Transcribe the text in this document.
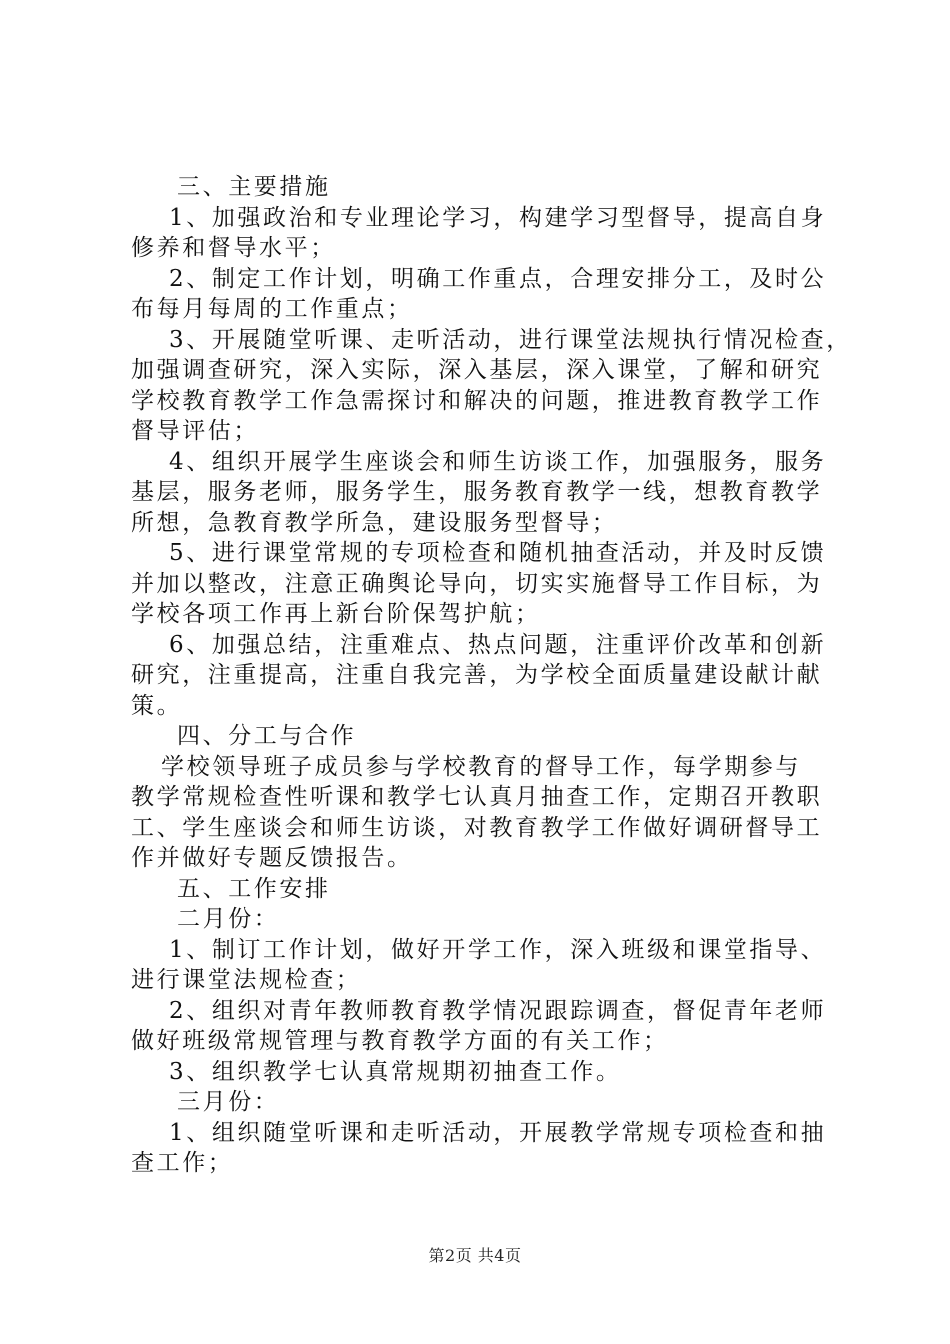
三、主要措施
1、加强政治和专业理论学习，构建学习型督导，提高自身
修养和督导水平；
2、制定工作计划，明确工作重点，合理安排分工，及时公
布每月每周的工作重点；
3、开展随堂听课、走听活动，进行课堂法规执行情况检查，
加强调查研究，深入实际，深入基层，深入课堂，了解和研究
学校教育教学工作急需探讨和解决的问题，推进教育教学工作
督导评估；
4、组织开展学生座谈会和师生访谈工作，加强服务，服务
基层，服务老师，服务学生，服务教育教学一线，想教育教学
所想，急教育教学所急，建设服务型督导；
5、进行课堂常规的专项检查和随机抽查活动，并及时反馈
并加以整改，注意正确舆论导向，切实实施督导工作目标，为
学校各项工作再上新台阶保驾护航；
6、加强总结，注重难点、热点问题，注重评价改革和创新
研究，注重提高，注重自我完善，为学校全面质量建设献计献
策。
四、分工与合作
学校领导班子成员参与学校教育的督导工作，每学期参与
教学常规检查性听课和教学七认真月抽查工作，定期召开教职
工、学生座谈会和师生访谈，对教育教学工作做好调研督导工
作并做好专题反馈报告。
五、工作安排
二月份：
1、制订工作计划，做好开学工作，深入班级和课堂指导、
进行课堂法规检查；
2、组织对青年教师教育教学情况跟踪调查，督促青年老师
做好班级常规管理与教育教学方面的有关工作；
3、组织教学七认真常规期初抽查工作。
三月份：
1、组织随堂听课和走听活动，开展教学常规专项检查和抽
查工作；
第2页 共4页
